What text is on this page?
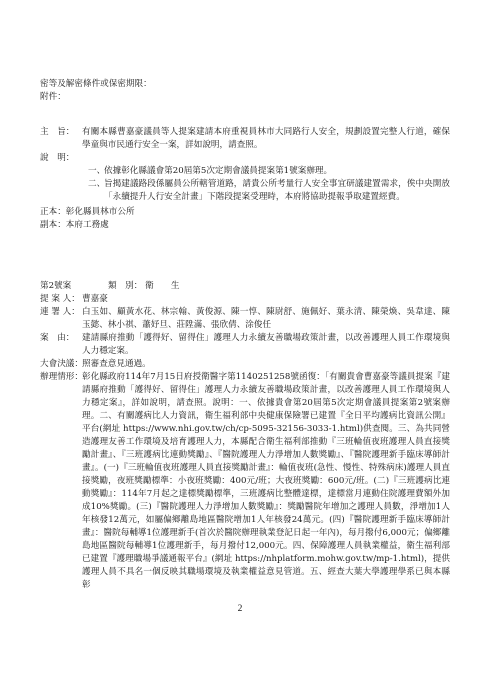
密等及解密條件或保密期限：
附件：
主　旨： 有關本縣曹嘉豪議員等人提案建請本府重視員林市大同路行人安全，規劃設置完整人行道，確保學童與市民通行安全一案，詳如說明，請查照。
說　明：

一、
依據彰化縣議會第20屆第5次定期會議員提案第1號案辦理。
二、
旨揭建議路段係屬員公所轄管道路，請貴公所考量行人安全事宜研議建置需求，俟中央開放「永續提升人行安全計畫」下階段提案受理時，本府將協助提報爭取建置經費。
正本：彰化縣員林市公所
副本：本府工務處
第2號案	類　別： 衛　　生
提 案 人： 曹嘉豪
連 署 人： 白玉如、顧黃水花、林宗翰、黃俊源、陳一惇、陳尉舒、施佩好、葉永清、陳榮煥、吳韋達、陳玉懿、林小祺、蕭妤旦、莊陞滿、張欣倩、涂俊任
案　由： 建請縣府推動「護得好、留得住」護理人力永續友善職場政策計畫，以改善護理人員工作環境與人力穩定案。
大會決議： 照審查意見通過。
辦理情形： 彰化縣政府114年7月15日府授衛醫字第1140251258號函復：「有關貴會曹嘉豪等議員提案『建請縣府推動「護得好、留得住」護理人力永續友善職場政策計畫，以改善護理人員工作環境與人力穩定案』，詳如說明，請查照。說明：一、依據貴會第20屆第5次定期會議員提案第2號案辦理。二、有關護病比人力資訊，衛生福利部中央健康保險署已建置『全日平均護病比資訊公開』平台(網址 https://www.nhi.gov.tw/ch/cp-5095-32156-3033-1.html)供查閱。三、為共同營造護理友善工作環境及培育護理人力，本縣配合衛生福利部推動『三班輪值夜班護理人員直接獎勵計畫』、『三班護病比連動獎勵』、『醫院護理人力淨增加人數獎勵』、『醫院護理新手臨床導師計畫』。(一)『三班輪值夜班護理人員直接獎勵計畫』：輪值夜班(急性、慢性、特殊病床)護理人員直接獎勵，夜班獎勵標準：小夜班獎勵：400元/班；大夜班獎勵：600元/班。(二)『三班護病比連動獎勵』：114年7月起之達標獎勵標準，三班護病比整體達標，達標當月連動住院護理費額外加成10%獎勵。(三)『醫院護理人力淨增加人數獎勵』：獎勵醫院年增加之護理人員數，淨增加1人年核發12萬元，如屬偏鄉離島地區醫院增加1人年核發24萬元。(四)『醫院護理新手臨床導師計畫』：醫院每輔導1位護理新手(首次於醫院辦理執業登記日起一年內)，每月撥付6,000元；偏鄉離島地區醫院每輔導1位護理新手，每月撥付12,000元。四、保障護理人員執業權益，衛生福利部已建置『護理職場爭議通報平台』(網址 https://nhplatform.mohw.gov.tw/mp-1.html)，提供護理人員不具名一個反映其職場環境及執業權益意見管道。五、經查大葉大學護理學系已與本縣彰
2
